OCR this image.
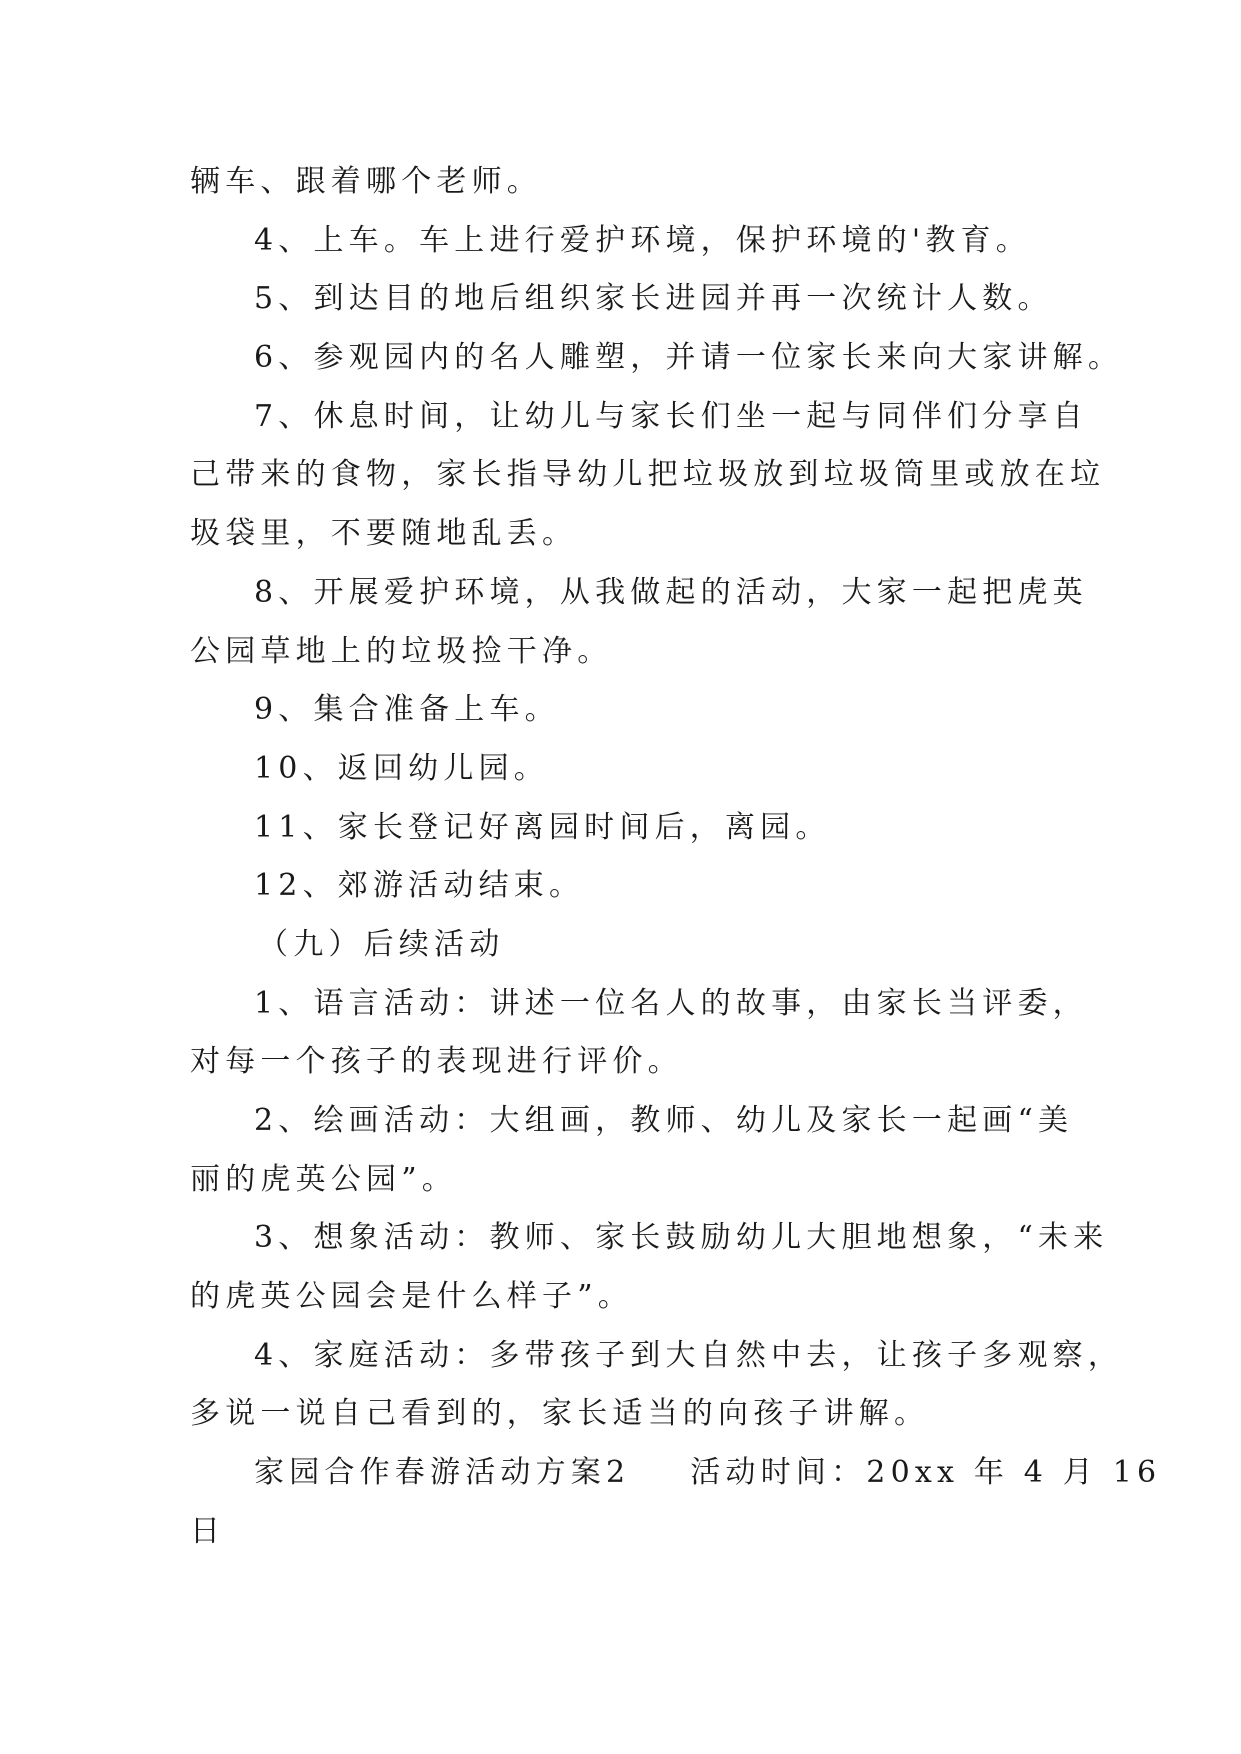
辆车、跟着哪个老师。
4、上车。车上进行爱护环境，保护环境的'教育。
5、到达目的地后组织家长进园并再一次统计人数。
6、参观园内的名人雕塑，并请一位家长来向大家讲解。
7、休息时间，让幼儿与家长们坐一起与同伴们分享自
己带来的食物，家长指导幼儿把垃圾放到垃圾筒里或放在垃
圾袋里，不要随地乱丢。
8、开展爱护环境，从我做起的活动，大家一起把虎英
公园草地上的垃圾捡干净。
9、集合准备上车。
10、返回幼儿园。
11、家长登记好离园时间后，离园。
12、郊游活动结束。
（九）后续活动
1、语言活动：讲述一位名人的故事，由家长当评委，
对每一个孩子的表现进行评价。
2、绘画活动：大组画，教师、幼儿及家长一起画“美
丽的虎英公园”。
3、想象活动：教师、家长鼓励幼儿大胆地想象，“未来
的虎英公园会是什么样子”。
4、家庭活动：多带孩子到大自然中去，让孩子多观察，
多说一说自己看到的，家长适当的向孩子讲解。
家园合作春游活动方案2 活动时间：20xx 年 4 月 16
日
